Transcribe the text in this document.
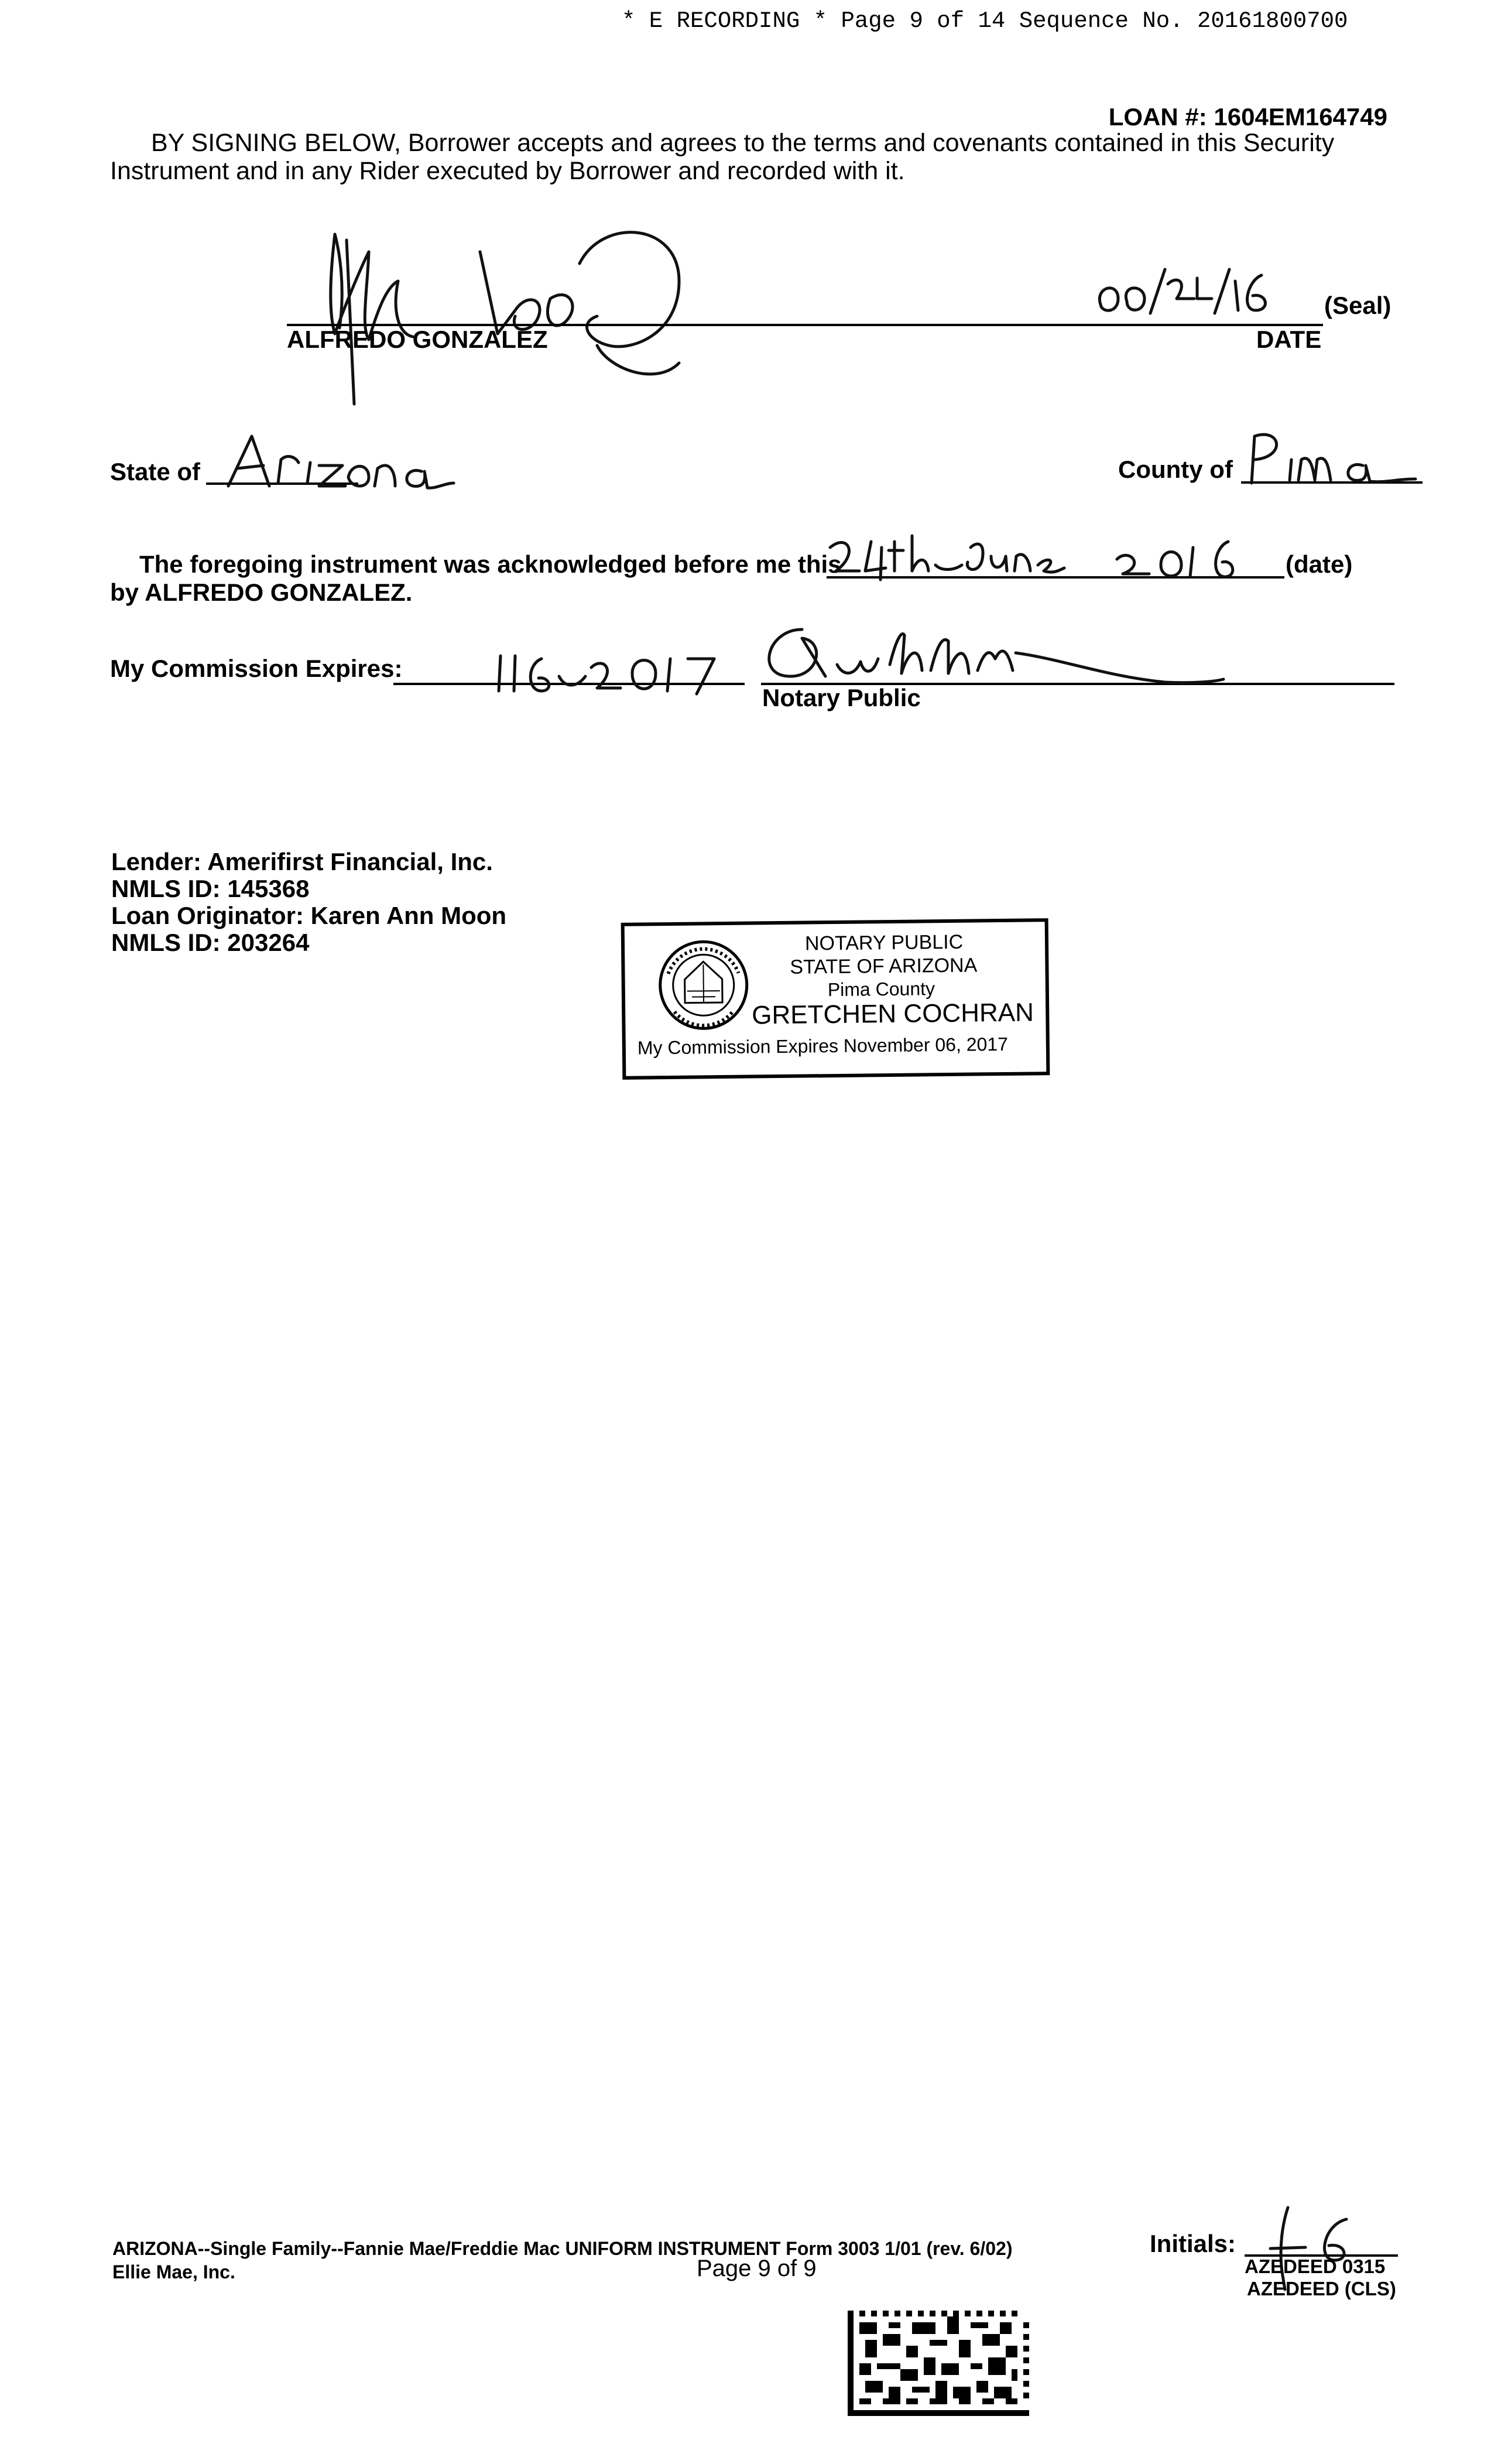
* E RECORDING * Page 9 of 14 Sequence No. 20161800700
LOAN #: 1604EM164749
BY SIGNING BELOW, Borrower accepts and agrees to the terms and covenants contained in this Security
Instrument and in any Rider executed by Borrower and recorded with it.
(Seal)
ALFREDO GONZALEZ	DATE
State of	County of
The foregoing instrument was acknowledged before me this	(date)
by ALFREDO GONZALEZ.
My Commission Expires:
Notary Public
Lender: Amerifirst Financial, Inc.
NMLS ID: 145368
Loan Originator: Karen Ann Moon
NMLS ID: 203264	NOTARY PUBLIC
STATE OF ARIZONA
Pima County
GRETCHEN COCHRAN
My Commission Expires November 06, 2017
ARIZONA--Single Family--Fannie Mae/Freddie Mac UNIFORM INSTRUMENT Form 3003 1/01 (rev. 6/02)
Ellie Mae, Inc.	Page 9 of 9
Initials:
AZEDEED 0315
AZEDEED (CLS)
